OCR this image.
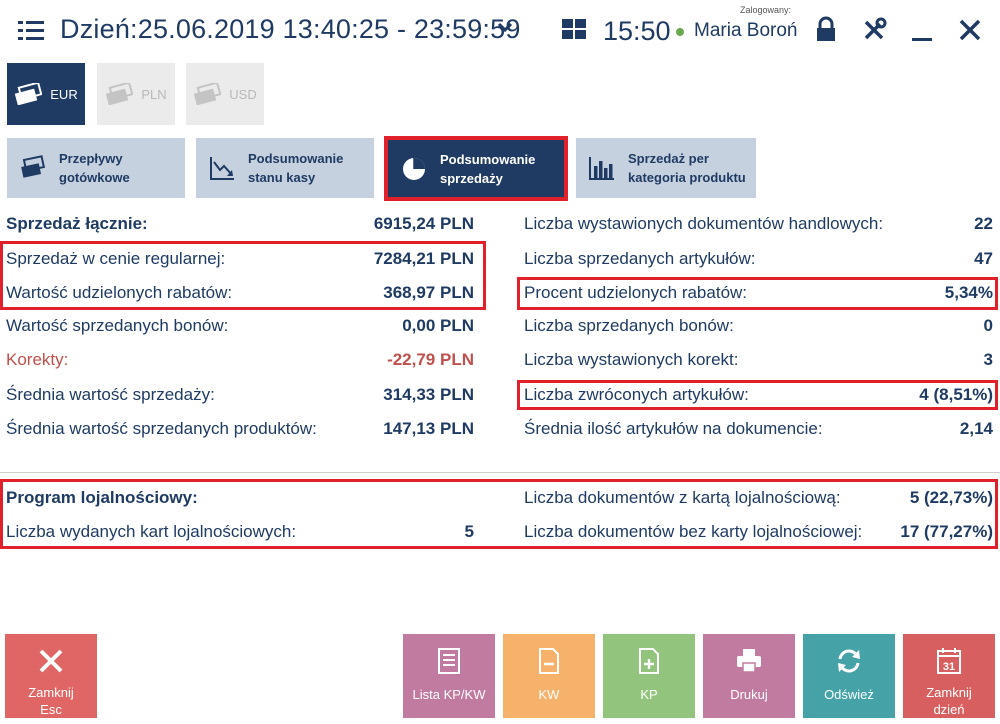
Dzień:25.06.2019 13:40:25 - 23:59:59	15:50
Zalogowany:
Maria Boroń
EUR	PLN	USD
Przepływy
gotówkowe
Podsumowanie
stanu kasy
Podsumowanie
sprzedaży
Sprzedaż per
kategoria produktu
Sprzedaż łącznie:	6915,24 PLN
Sprzedaż w cenie regularnej:	7284,21 PLN
Wartość udzielonych rabatów:	368,97 PLN
Wartość sprzedanych bonów:	0,00 PLN
Korekty:	-22,79 PLN
Średnia wartość sprzedaży:	314,33 PLN
Średnia wartość sprzedanych produktów:	147,13 PLN
Liczba wystawionych dokumentów handlowych:	22
Liczba sprzedanych artykułów:	47
Procent udzielonych rabatów:	5,34%
Liczba sprzedanych bonów:	0
Liczba wystawionych korekt:	3
Liczba zwróconych artykułów:	4 (8,51%)
Średnia ilość artykułów na dokumencie:	2,14
Program lojalnościowy:
Liczba wydanych kart lojalnościowych:	5
Liczba dokumentów z kartą lojalnościową:	5 (22,73%)
Liczba dokumentów bez karty lojalnościowej: 17 (77,27%)
Zamknij
Esc
Lista KP/KW	KW	KP	Drukuj	Odśwież
31
Zamknij
dzień
